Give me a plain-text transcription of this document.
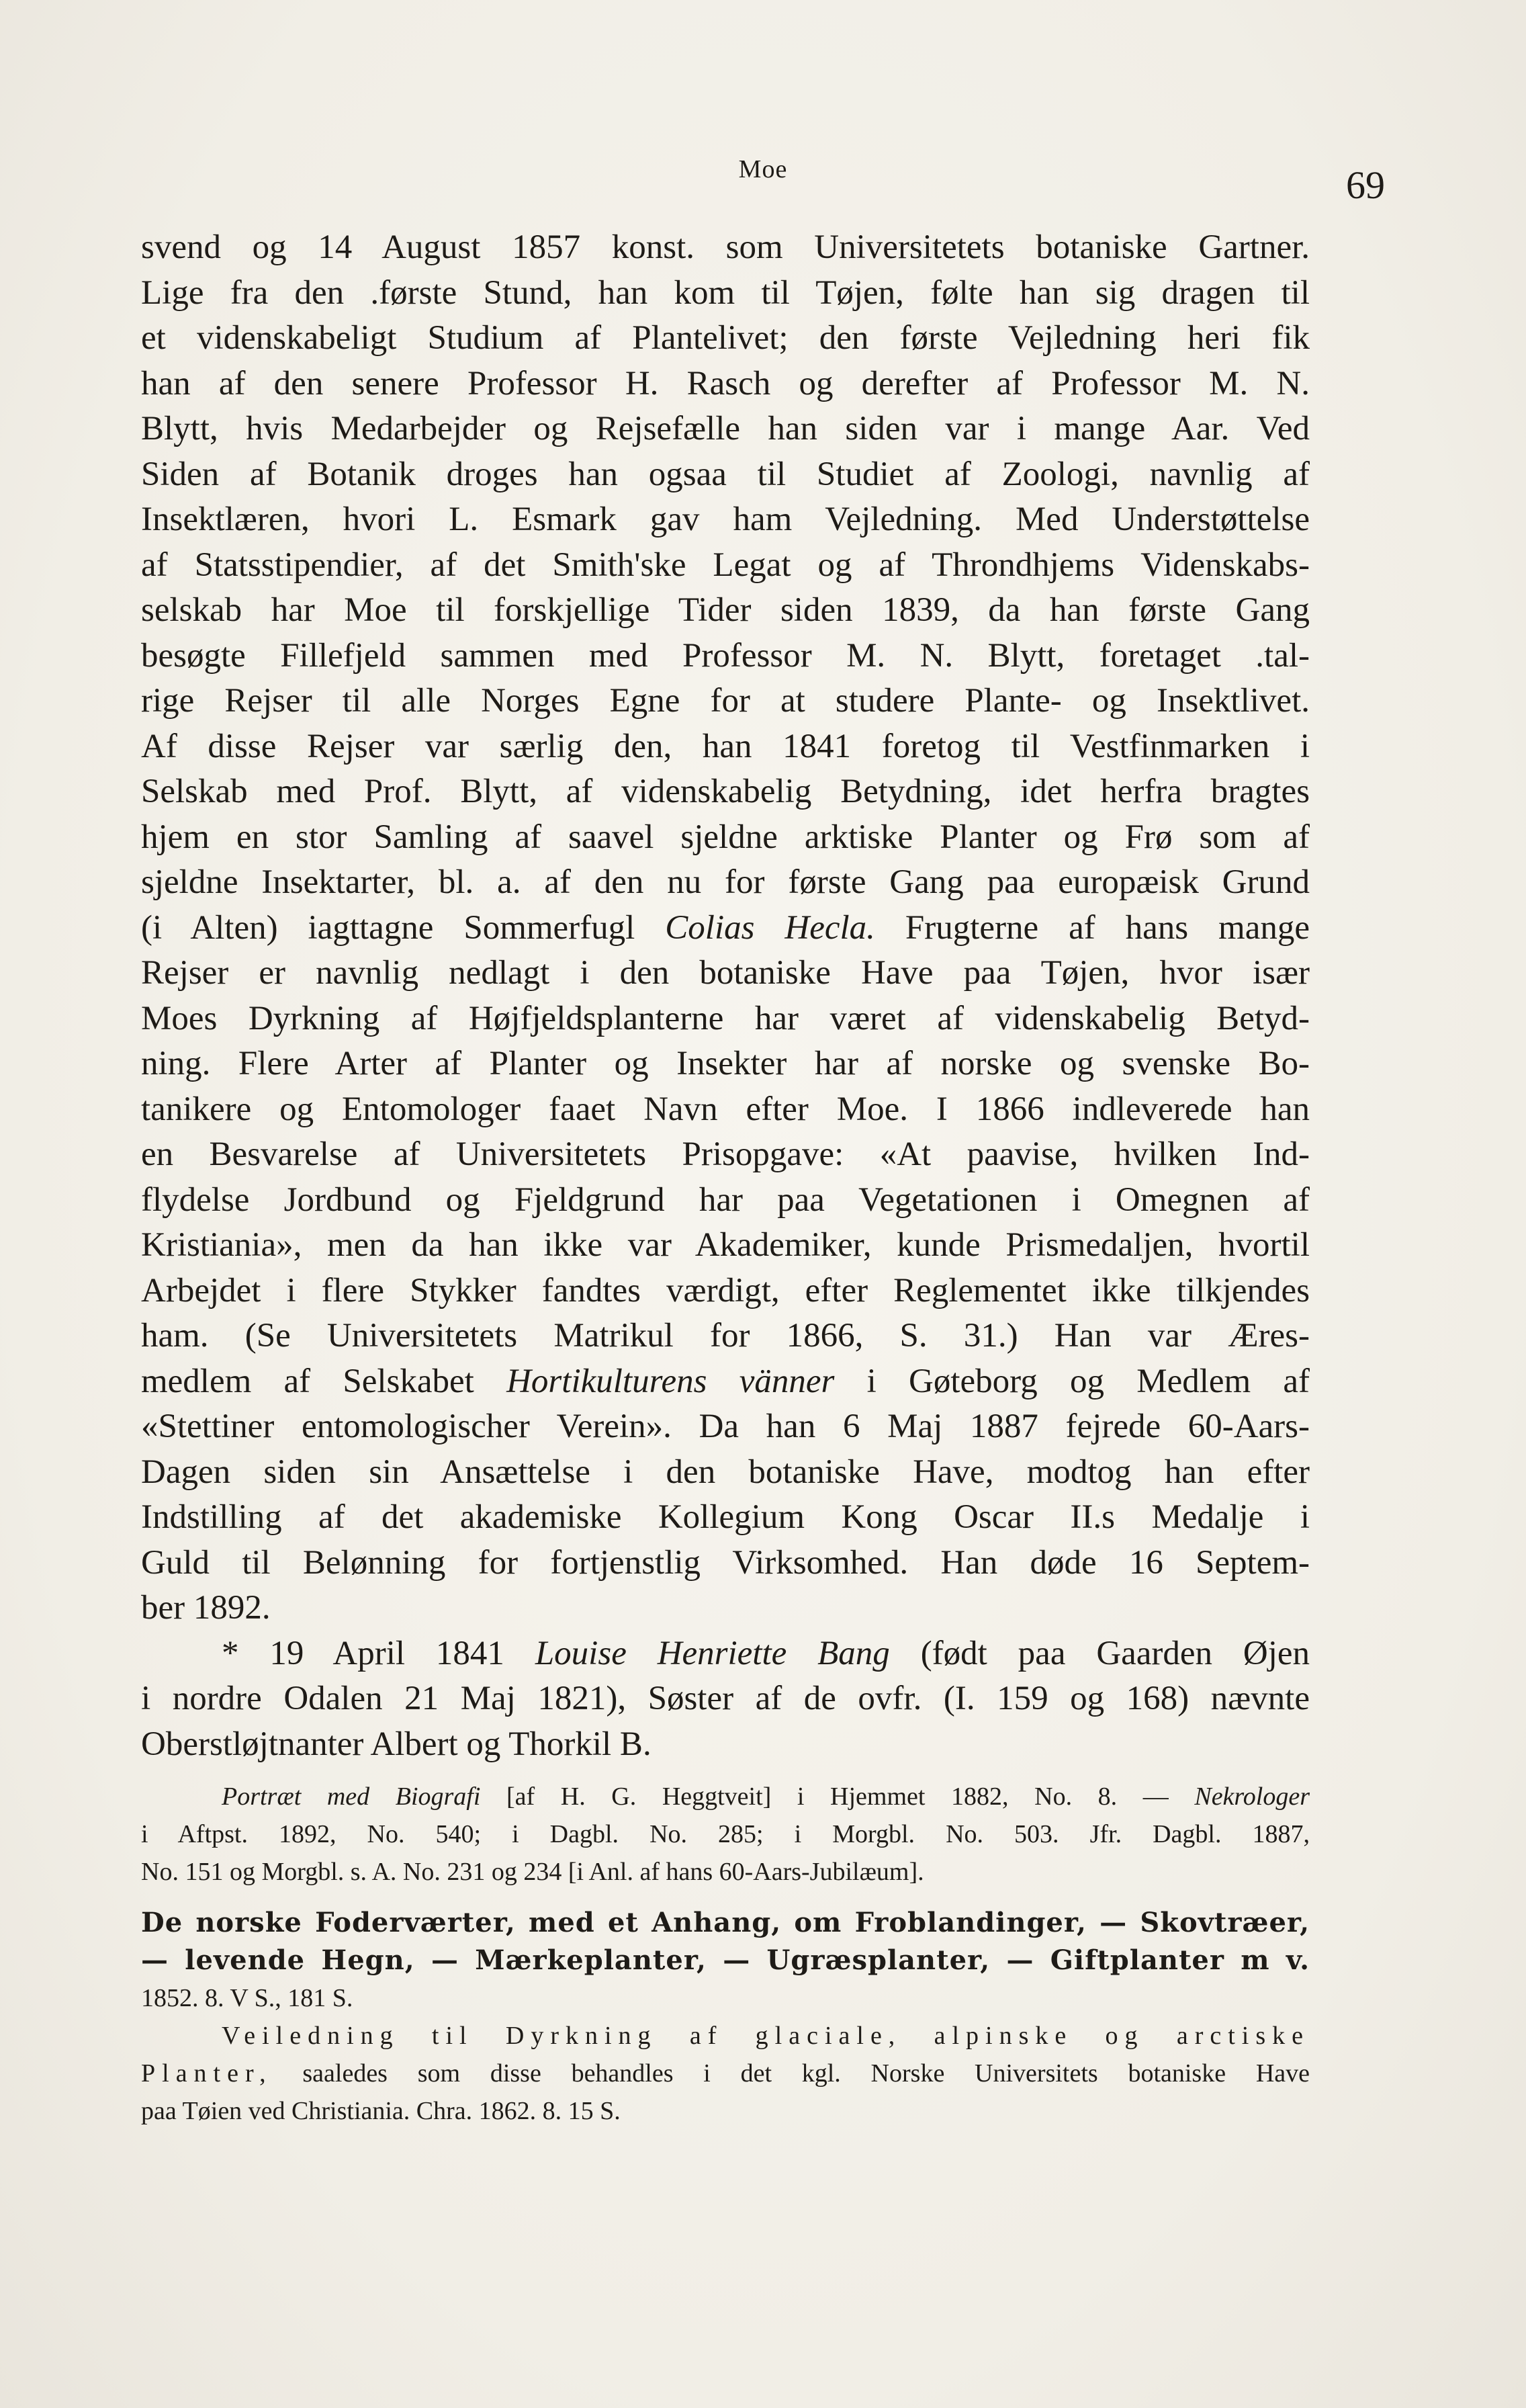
Moe	69
svend og 14 August 1857 konst. som Universitetets botaniske Gartner.
Lige fra den .første Stund, han kom til Tøjen, følte han sig dragen til
et videnskabeligt Studium af Plantelivet; den første Vejledning heri fik
han af den senere Professor H. Rasch og derefter af Professor M. N.
Blytt, hvis Medarbejder og Rejsefælle han siden var i mange Aar. Ved
Siden af Botanik droges han ogsaa til Studiet af Zoologi, navnlig af
Insektlæren, hvori L. Esmark gav ham Vejledning. Med Understøttelse
af Statsstipendier, af det Smith'ske Legat og af Throndhjems Videnskabs-
selskab har Moe til forskjellige Tider siden 1839, da han første Gang
besøgte Fillefjeld sammen med Professor M. N. Blytt, foretaget .tal-
rige Rejser til alle Norges Egne for at studere Plante- og Insektlivet.
Af disse Rejser var særlig den, han 1841 foretog til Vestfinmarken i
Selskab med Prof. Blytt, af videnskabelig Betydning, idet herfra bragtes
hjem en stor Samling af saavel sjeldne arktiske Planter og Frø som af
sjeldne Insektarter, bl. a. af den nu for første Gang paa europæisk Grund
(i Alten) iagttagne Sommerfugl Colias Hecla. Frugterne af hans mange
Rejser er navnlig nedlagt i den botaniske Have paa Tøjen, hvor især
Moes Dyrkning af Højfjeldsplanterne har været af videnskabelig Betyd-
ning. Flere Arter af Planter og Insekter har af norske og svenske Bo-
tanikere og Entomologer faaet Navn efter Moe. I 1866 indleverede han
en Besvarelse af Universitetets Prisopgave: «At paavise, hvilken Ind-
flydelse Jordbund og Fjeldgrund har paa Vegetationen i Omegnen af
Kristiania», men da han ikke var Akademiker, kunde Prismedaljen, hvortil
Arbejdet i flere Stykker fandtes værdigt, efter Reglementet ikke tilkjendes
ham. (Se Universitetets Matrikul for 1866, S. 31.) Han var Æres-
medlem af Selskabet Hortikulturens vänner i Gøteborg og Medlem af
«Stettiner entomologischer Verein». Da han 6 Maj 1887 fejrede 60-Aars-
Dagen siden sin Ansættelse i den botaniske Have, modtog han efter
Indstilling af det akademiske Kollegium Kong Oscar II.s Medalje i
Guld til Belønning for fortjenstlig Virksomhed. Han døde 16 Septem-
ber 1892.
* 19 April 1841 Louise Henriette Bang (født paa Gaarden Øjen
i nordre Odalen 21 Maj 1821), Søster af de ovfr. (I. 159 og 168) nævnte
Oberstløjtnanter Albert og Thorkil B.
Portræt med Biografi [af H. G. Heggtveit] i Hjemmet 1882, No. 8. — Nekrologer
i Aftpst. 1892, No. 540; i Dagbl. No. 285; i Morgbl. No. 503. Jfr. Dagbl. 1887,
No. 151 og Morgbl. s. A. No. 231 og 234 [i Anl. af hans 60-Aars-Jubilæum].
De norske Foderværter, med et Anhang, om Froblandinger, — Skovtræer,
— levende Hegn, — Mærkeplanter, — Ugræsplanter, — Giftplanter m v.
1852. 8. V S., 181 S.
Veiledning til Dyrkning af glaciale, alpinske og arctiske
Planter, saaledes som disse behandles i det kgl. Norske Universitets botaniske Have
paa Tøien ved Christiania. Chra. 1862. 8. 15 S.
